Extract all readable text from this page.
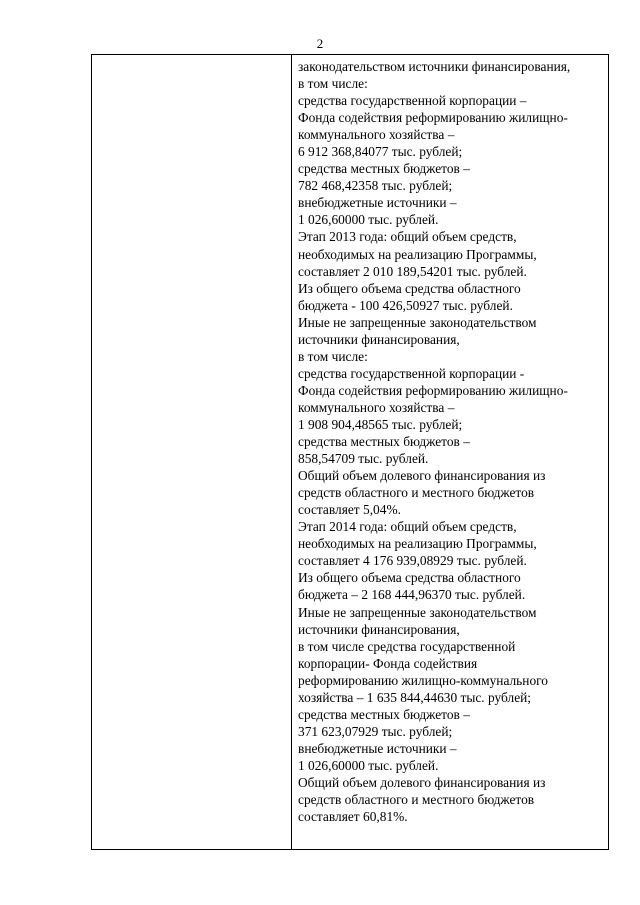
2
законодательством источники финансирования,
в том числе:
средства государственной корпорации –
Фонда содействия реформированию жилищно-
коммунального хозяйства –
6 912 368,84077 тыс. рублей;
средства местных бюджетов –
782 468,42358 тыс. рублей;
внебюджетные источники –
1 026,60000 тыс. рублей.
Этап 2013 года: общий объем средств,
необходимых на реализацию Программы,
составляет 2 010 189,54201 тыс. рублей.
Из общего объема средства областного
бюджета - 100 426,50927 тыс. рублей.
Иные не запрещенные законодательством
источники финансирования,
в том числе:
средства государственной корпорации -
Фонда содействия реформированию жилищно-
коммунального хозяйства –
1 908 904,48565 тыс. рублей;
средства местных бюджетов –
858,54709 тыс. рублей.
Общий объем долевого финансирования из
средств областного и местного бюджетов
составляет 5,04%.
Этап 2014 года: общий объем средств,
необходимых на реализацию Программы,
составляет 4 176 939,08929 тыс. рублей.
Из общего объема средства областного
бюджета – 2 168 444,96370 тыс. рублей.
Иные не запрещенные законодательством
источники финансирования,
в том числе средства государственной
корпорации- Фонда содействия
реформированию жилищно-коммунального
хозяйства – 1 635 844,44630 тыс. рублей;
средства местных бюджетов –
371 623,07929 тыс. рублей;
внебюджетные источники –
1 026,60000 тыс. рублей.
Общий объем долевого финансирования из
средств областного и местного бюджетов
составляет 60,81%.
